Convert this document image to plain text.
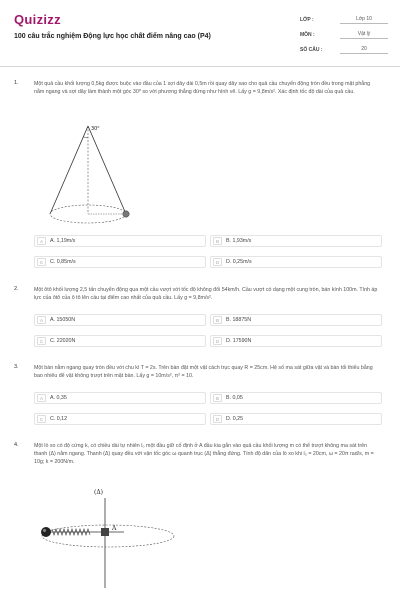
Quizizz
100 câu trắc nghiệm Động lực học chất điểm nâng cao (P4)
LỚP :	Lớp 10
MÔN :	Vật lý
SỐ CÂU :	20
1.	Một quả cầu khối lượng 0,5kg được buộc vào đầu của 1 sợi dây dài 0,5m rồi quay dây sao cho quả cầu chuyển động tròn đều trong mặt phẳng nằm ngang và sợi dây làm thành một góc 30⁰ so với phương thẳng đứng như hình vẽ. Lấy g = 9,8m/s². Xác định tốc độ dài của quả cầu.
30⁰
A	A. 1,19m/s	B	B. 1,93m/s
C	C. 0,85m/s	D	D. 0,25m/s
2.	Một ôtô khối lượng 2,5 tấn chuyển động qua một cầu vượt với tốc độ không đổi 54km/h. Cầu vượt có dạng một cung tròn, bán kính 100m. Tính áp lực của ôtô của ô tô lên cầu tại điểm cao nhất của quả cầu. Lấy g = 9,8m/s².
A	A. 15050N	B	B. 18875N
C	C. 22020N	D	D. 17590N
3.	Một bàn nằm ngang quay tròn đều với chu kì T = 2s. Trên bàn đặt một vật cách trục quay R = 25cm. Hệ số ma sát giữa vật và bàn tối thiểu bằng bao nhiêu để vật không trượt trên mặt bàn. Lấy g = 10m/s², π² = 10.
A	A. 0,35	B	B. 0,05
C	C. 0,12	D	D. 0,25
4.	Một lò xo có độ cứng k, có chiều dài tự nhiên l₀ một đầu giữ cố định ở A đầu kia gắn vào quả cầu khối lượng m có thể trượt không ma sát trên thanh (Δ) nằm ngang. Thanh (Δ) quay đều với vận tốc góc ω quanh trục (Δ) thẳng đứng. Tính độ dãn của lò xo khi l₀ = 20cm, ω = 20π rad/s, m = 10g; k = 200N/m.
(Δ)
A
